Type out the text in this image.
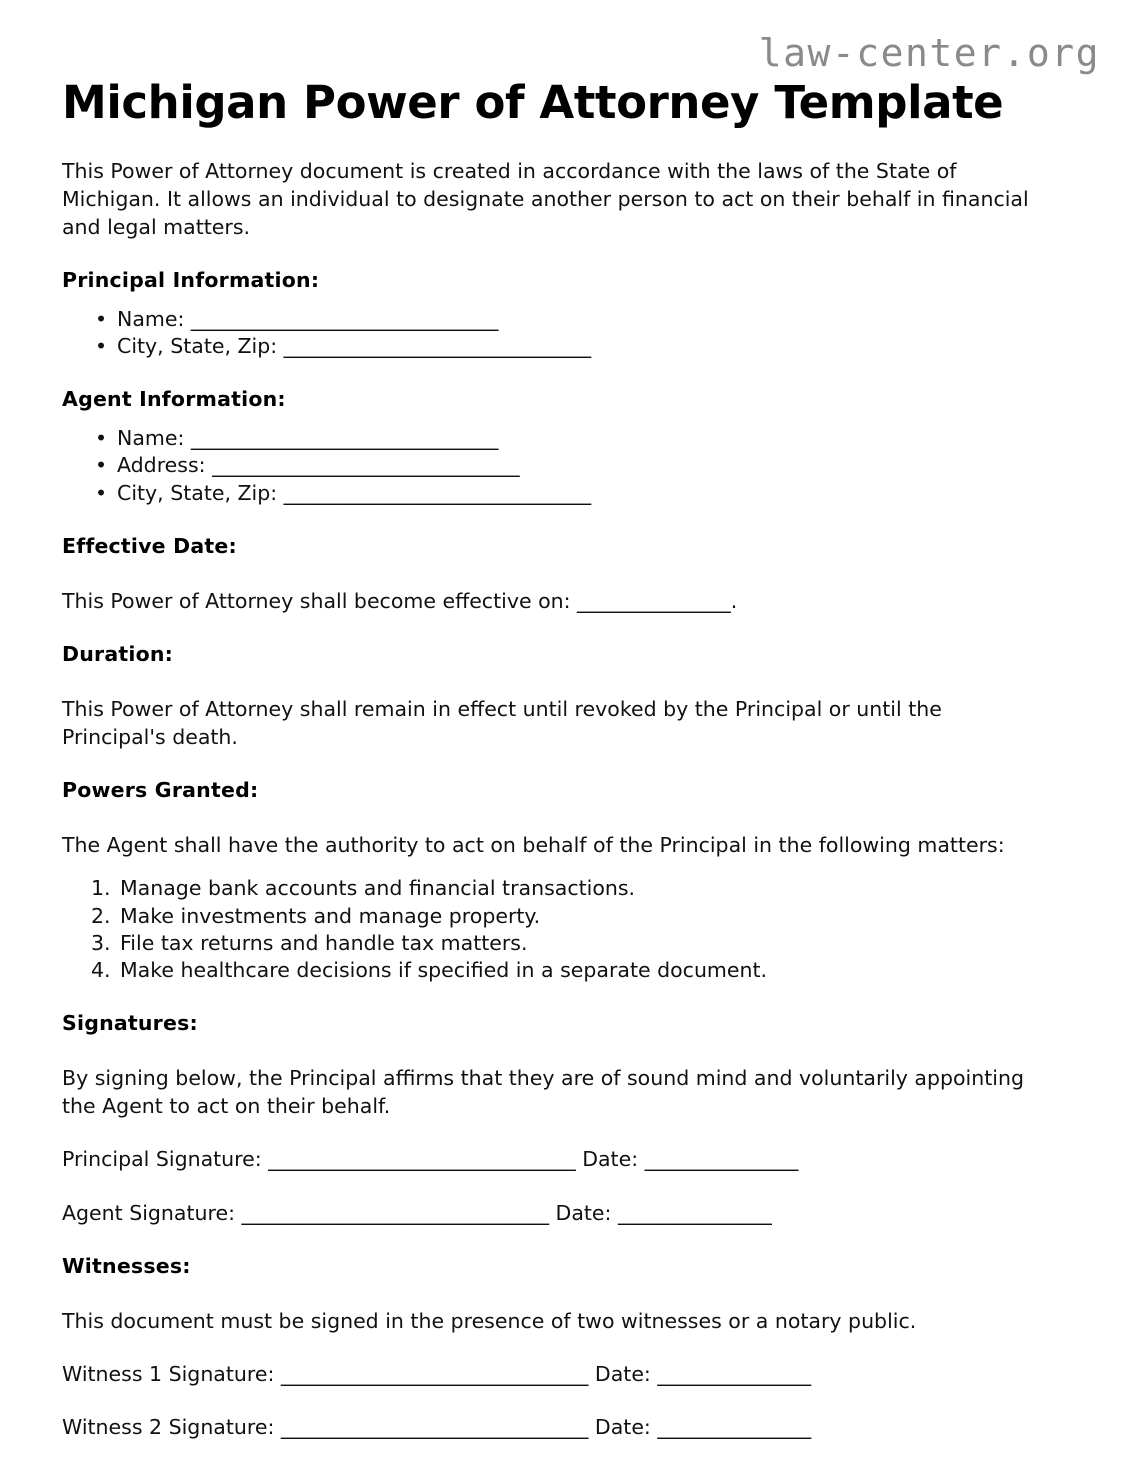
law-center.org
Michigan Power of Attorney Template

This Power of Attorney document is created in accordance with the laws of the State of Michigan. It allows an individual to designate another person to act on their behalf in financial and legal matters.

Principal Information:
• Name: ______________________________
• City, State, Zip: ______________________________
Agent Information:
• Name: ______________________________
• Address: ______________________________
• City, State, Zip: ______________________________
Effective Date:

This Power of Attorney shall become effective on: _______________.

Duration:

This Power of Attorney shall remain in effect until revoked by the Principal or until the Principal's death.

Powers Granted:

The Agent shall have the authority to act on behalf of the Principal in the following matters:

Manage bank accounts and financial transactions.
Make investments and manage property.
File tax returns and handle tax matters.
Make healthcare decisions if specified in a separate document.
Signatures:

By signing below, the Principal affirms that they are of sound mind and voluntarily appointing the Agent to act on their behalf.

Principal Signature: ______________________________ Date: _______________
Agent Signature: ______________________________ Date: _______________
Witnesses:

This document must be signed in the presence of two witnesses or a notary public.

Witness 1 Signature: ______________________________ Date: _______________
Witness 2 Signature: ______________________________ Date: _______________
